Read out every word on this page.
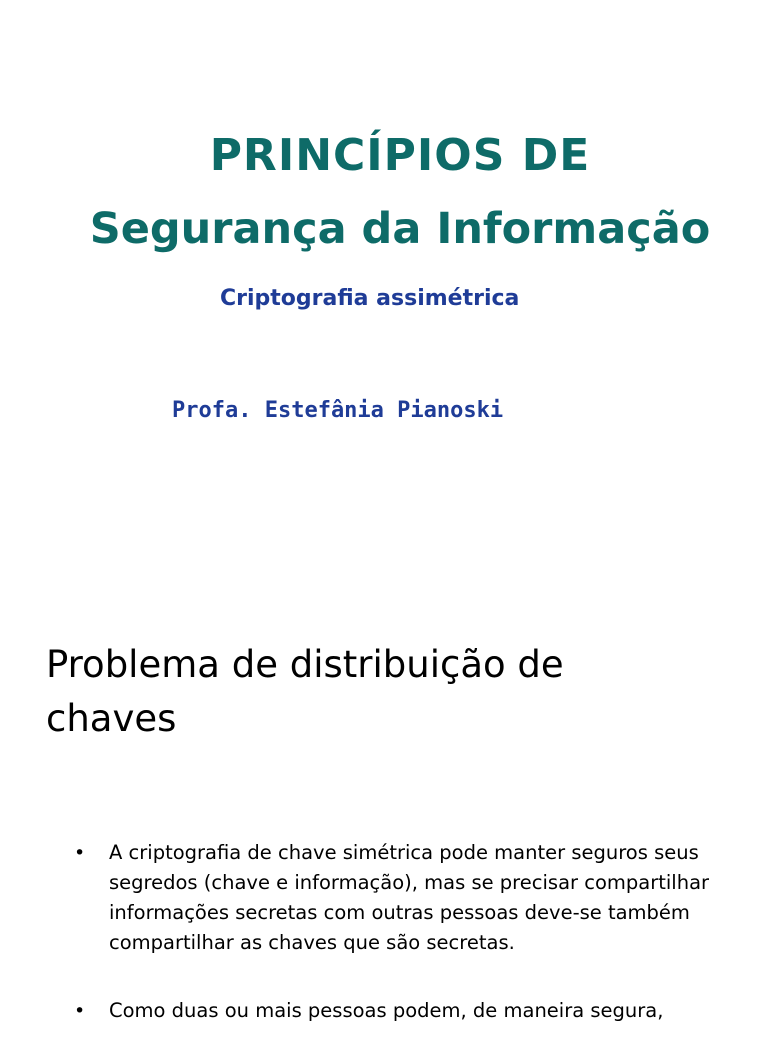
PRINCÍPIOS DE
Segurança da Informação
Criptografia assimétrica
Profa. Estefânia Pianoski
Problema de distribuição de chaves
• A criptografia de chave simétrica pode manter seguros seus segredos (chave e informação), mas se precisar compartilhar informações secretas com outras pessoas deve-se também compartilhar as chaves que são secretas.
• Como duas ou mais pessoas podem, de maneira segura,
